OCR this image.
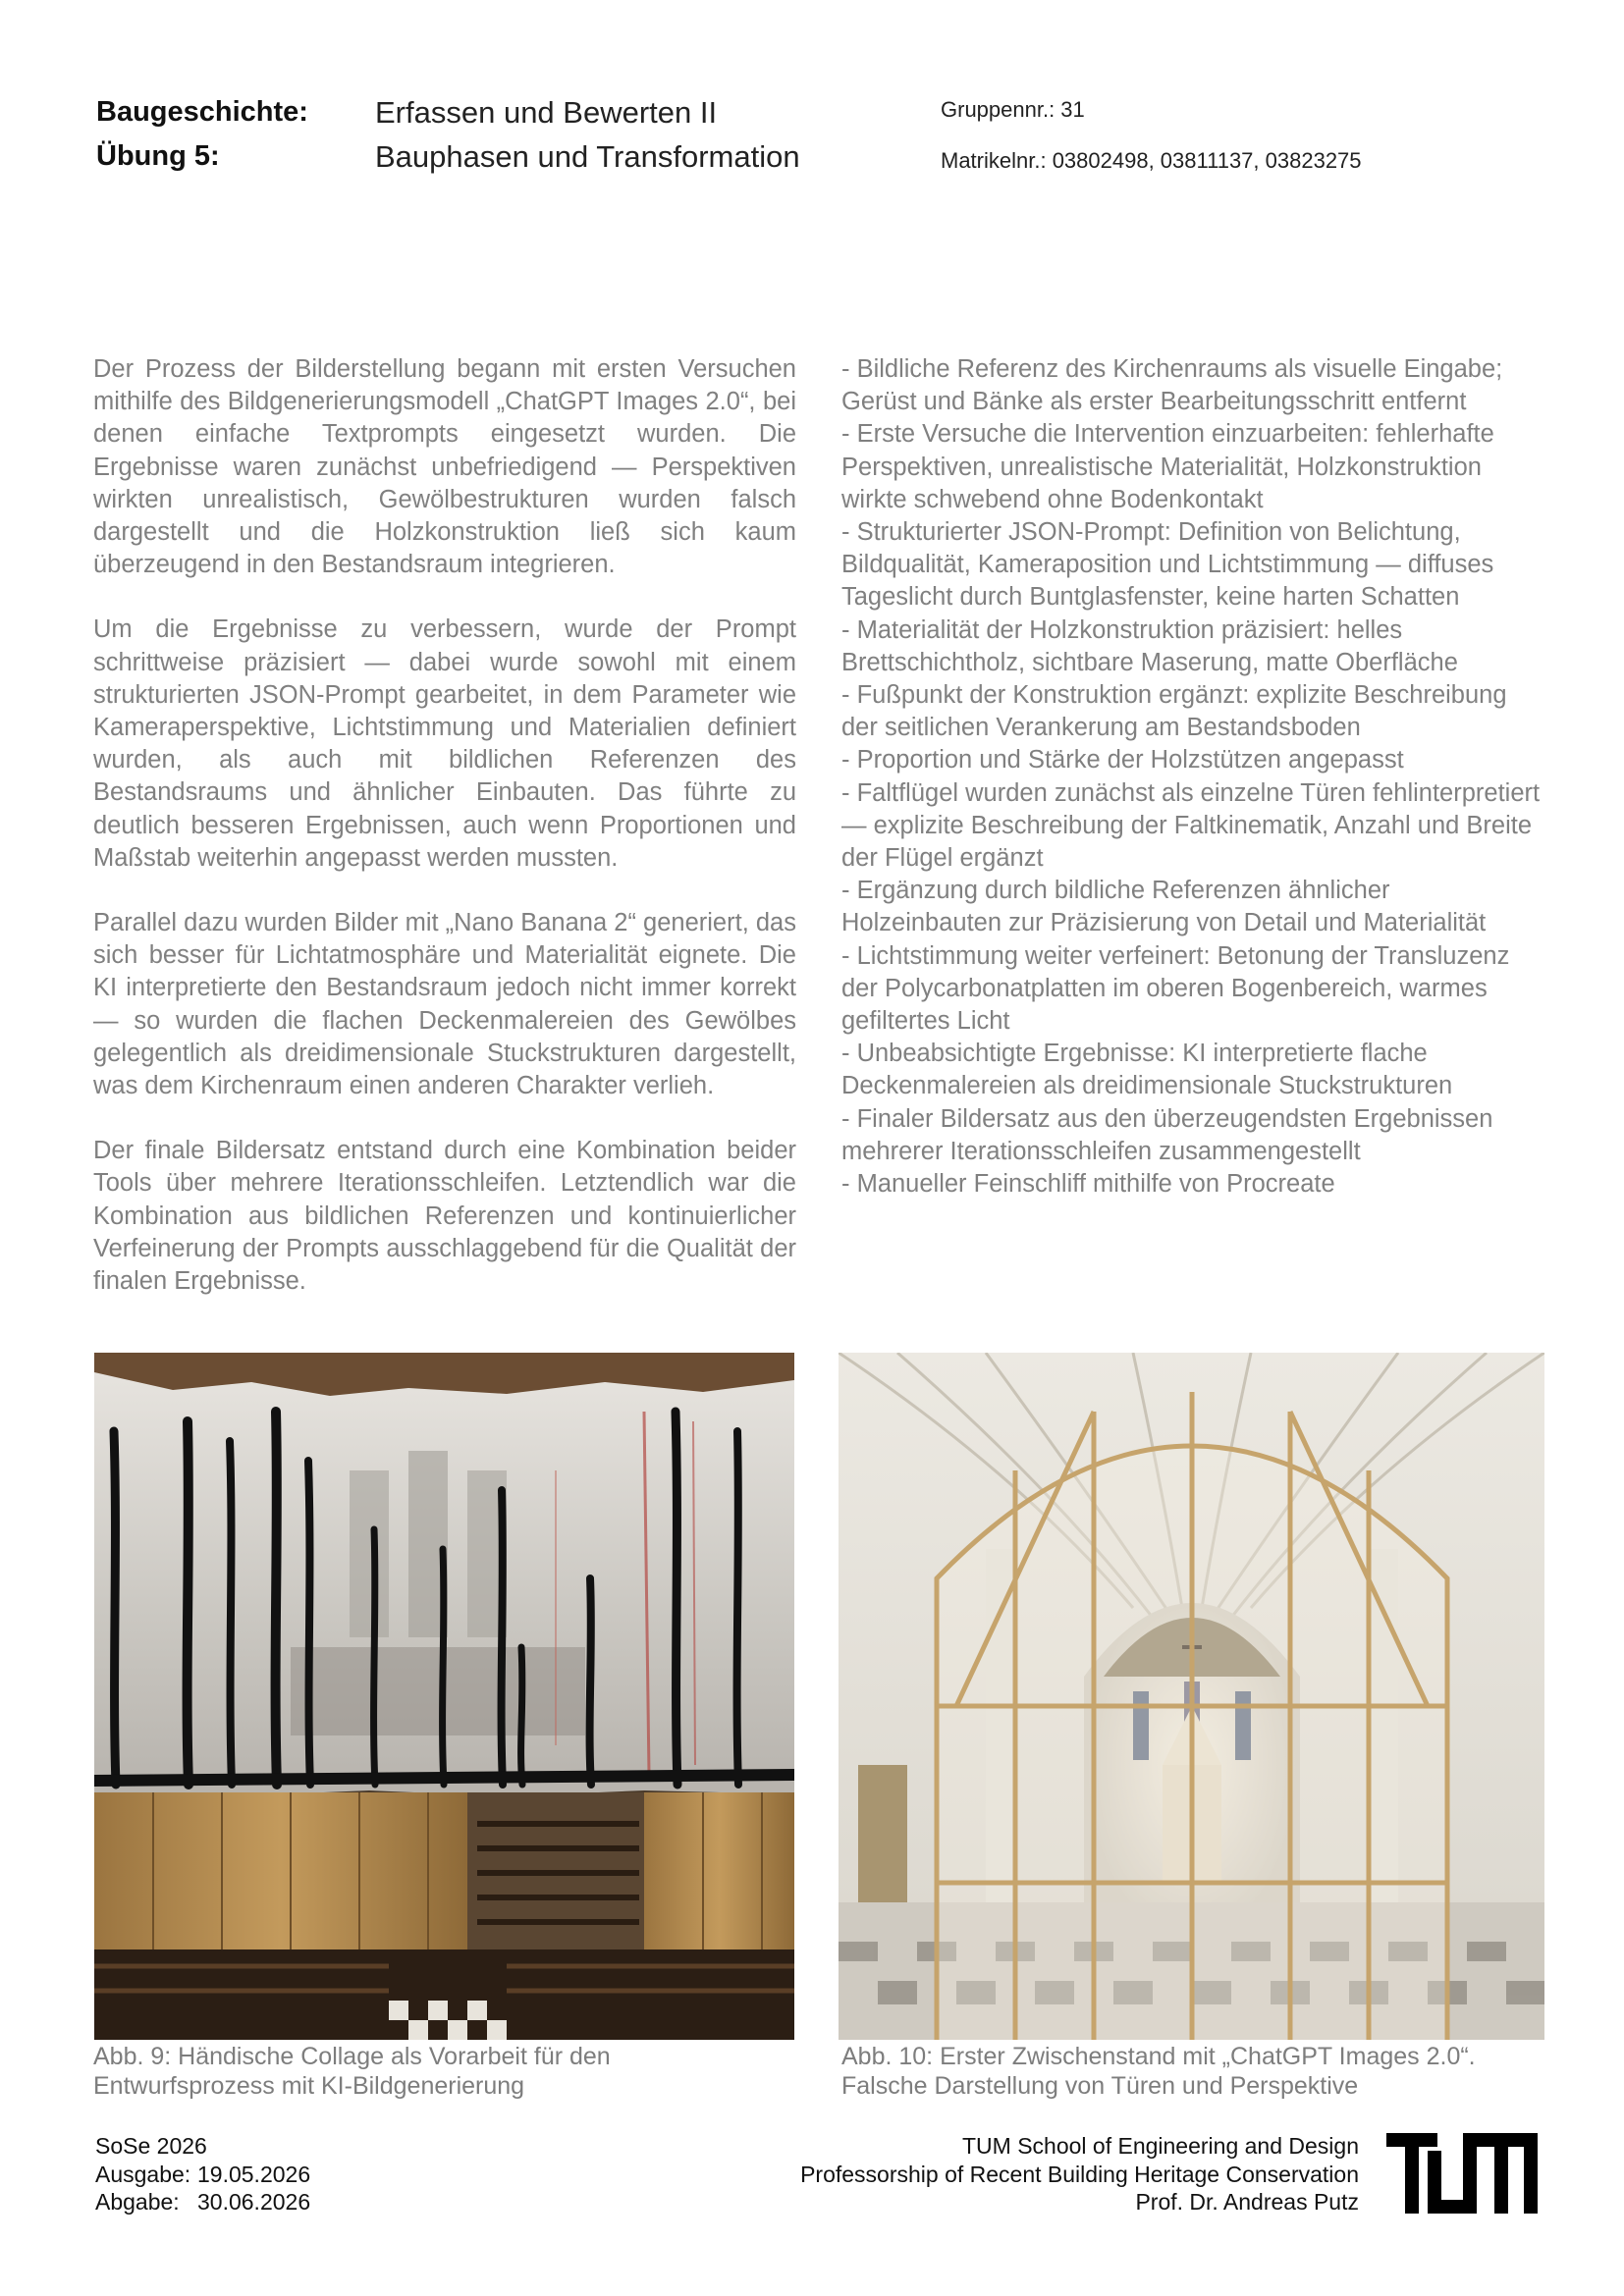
Baugeschichte:
Übung 5:
Erfassen und Bewerten II
Bauphasen und Transformation
Gruppennr.: 31
Matrikelnr.: 03802498, 03811137, 03823275

Der Prozess der Bilderstellung begann mit ersten Versuchen mithilfe des Bildgenerierungsmodell „ChatGPT Images 2.0“, bei denen einfache Textprompts eingesetzt wurden. Die Ergebnisse waren zunächst unbefriedigend — Perspektiven wirkten unrealistisch, Gewölbestrukturen wurden falsch dargestellt und die Holzkonstruktion ließ sich kaum überzeugend in den Bestandsraum integrieren.

Um die Ergebnisse zu verbessern, wurde der Prompt schrittweise präzisiert — dabei wurde sowohl mit einem strukturierten JSON-Prompt gearbeitet, in dem Parameter wie Kameraperspektive, Lichtstimmung und Materialien definiert wurden, als auch mit bildlichen Referenzen des Bestandsraums und ähnlicher Einbauten. Das führte zu deutlich besseren Ergebnissen, auch wenn Proportionen und Maßstab weiterhin angepasst werden mussten.

Parallel dazu wurden Bilder mit „Nano Banana 2“ generiert, das sich besser für Lichtatmosphäre und Materialität eignete. Die KI interpretierte den Bestandsraum jedoch nicht immer korrekt — so wurden die flachen Deckenmalereien des Gewölbes gelegentlich als dreidimensionale Stuckstrukturen dargestellt, was dem Kirchenraum einen anderen Charakter verlieh.

Der finale Bildersatz entstand durch eine Kombination beider Tools über mehrere Iterationsschleifen. Letztendlich war die Kombination aus bildlichen Referenzen und kontinuierlicher Verfeinerung der Prompts ausschlaggebend für die Qualität der finalen Ergebnisse.

- Bildliche Referenz des Kirchenraums als visuelle Eingabe; Gerüst und Bänke als erster Bearbeitungsschritt entfernt
- Erste Versuche die Intervention einzuarbeiten: fehlerhafte Perspektiven, unrealistische Materialität, Holzkonstruktion wirkte schwebend ohne Bodenkontakt
- Strukturierter JSON-Prompt: Definition von Belichtung, Bildqualität, Kameraposition und Lichtstimmung — diffuses Tageslicht durch Buntglasfenster, keine harten Schatten
- Materialität der Holzkonstruktion präzisiert: helles Brettschichtholz, sichtbare Maserung, matte Oberfläche
- Fußpunkt der Konstruktion ergänzt: explizite Beschreibung der seitlichen Verankerung am Bestandsboden
- Proportion und Stärke der Holzstützen angepasst
- Faltflügel wurden zunächst als einzelne Türen fehlinterpretiert — explizite Beschreibung der Faltkinematik, Anzahl und Breite der Flügel ergänzt
- Ergänzung durch bildliche Referenzen ähnlicher Holzeinbauten zur Präzisierung von Detail und Materialität
- Lichtstimmung weiter verfeinert: Betonung der Transluzenz der Polycarbonatplatten im oberen Bogenbereich, warmes gefiltertes Licht
- Unbeabsichtigte Ergebnisse: KI interpretierte flache Deckenmalereien als dreidimensionale Stuckstrukturen
- Finaler Bildersatz aus den überzeugendsten Ergebnissen mehrerer Iterationsschleifen zusammengestellt
- Manueller Feinschliff mithilfe von Procreate
Abb. 9: Händische Collage als Vorarbeit für den Entwurfsprozess mit KI-Bildgenerierung
Abb. 10: Erster Zwischenstand mit „ChatGPT Images 2.0“. Falsche Darstellung von Türen und Perspektive
SoSe 2026
Ausgabe: 19.05.2026
Abgabe: 30.06.2026
TUM School of Engineering and Design
Professorship of Recent Building Heritage Conservation
Prof. Dr. Andreas Putz
